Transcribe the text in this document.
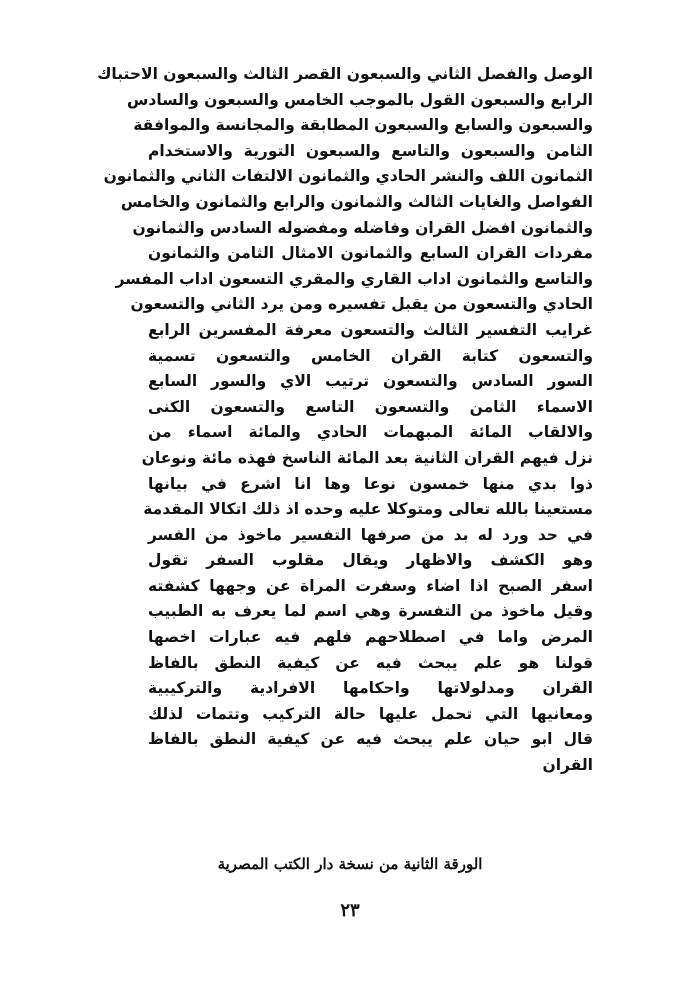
الوصل والفصل الثاني والسبعون القصر الثالث والسبعون الاحتباك
الرابع والسبعون القول بالموجب الخامس والسبعون والسادس
والسبعون والسابع والسبعون المطابقة والمجانسة والموافقة
الثامن والسبعون والتاسع والسبعون التورية والاستخدام
الثمانون اللف والنشر الحادي والثمانون الالتفات الثاني والثمانون
الفواصل والغايات الثالث والثمانون والرابع والثمانون والخامس
والثمانون افضل القران وفاضله ومفضوله السادس والثمانون
مفردات القران السابع والثمانون الامثال الثامن والثمانون
والتاسع والثمانون اداب القاري والمقري التسعون اداب المفسر
الحادي والتسعون من يقبل تفسيره ومن يرد الثاني والتسعون
غرايب التفسير الثالث والتسعون معرفة المفسرين الرابع
والتسعون كتابة القران الخامس والتسعون تسمية
السور السادس والتسعون ترتيب الاي والسور السابع
الاسماء الثامن والتسعون التاسع والتسعون الكنى
والالقاب المائة المبهمات الحادي والمائة اسماء من
نزل فيهم القران الثانية بعد المائة الناسخ فهذه مائة ونوعان
ذوا بدي منها خمسون نوعا وها انا اشرع في بيانها
مستعينا بالله تعالى ومتوكلا عليه وحده اذ ذلك اتكالا المقدمة
في حد ورد له بد من صرفها التفسير ماخوذ من الفسر
وهو الكشف والاظهار ويقال مقلوب السفر تقول
اسفر الصبح اذا اضاء وسفرت المراة عن وجهها كشفته
وقيل ماخوذ من التفسرة وهي اسم لما يعرف به الطبيب
المرض واما في اصطلاحهم فلهم فيه عبارات اخصها
قولنا هو علم يبحث فيه عن كيفية النطق بالفاظ
القران ومدلولاتها واحكامها الافرادية والتركيبية
ومعانيها التي تحمل عليها حالة التركيب وتتمات لذلك
قال ابو حيان علم يبحث فيه عن كيفية النطق بالفاظ
القران
الورقة الثانية من نسخة دار الكتب المصرية
٢٣
